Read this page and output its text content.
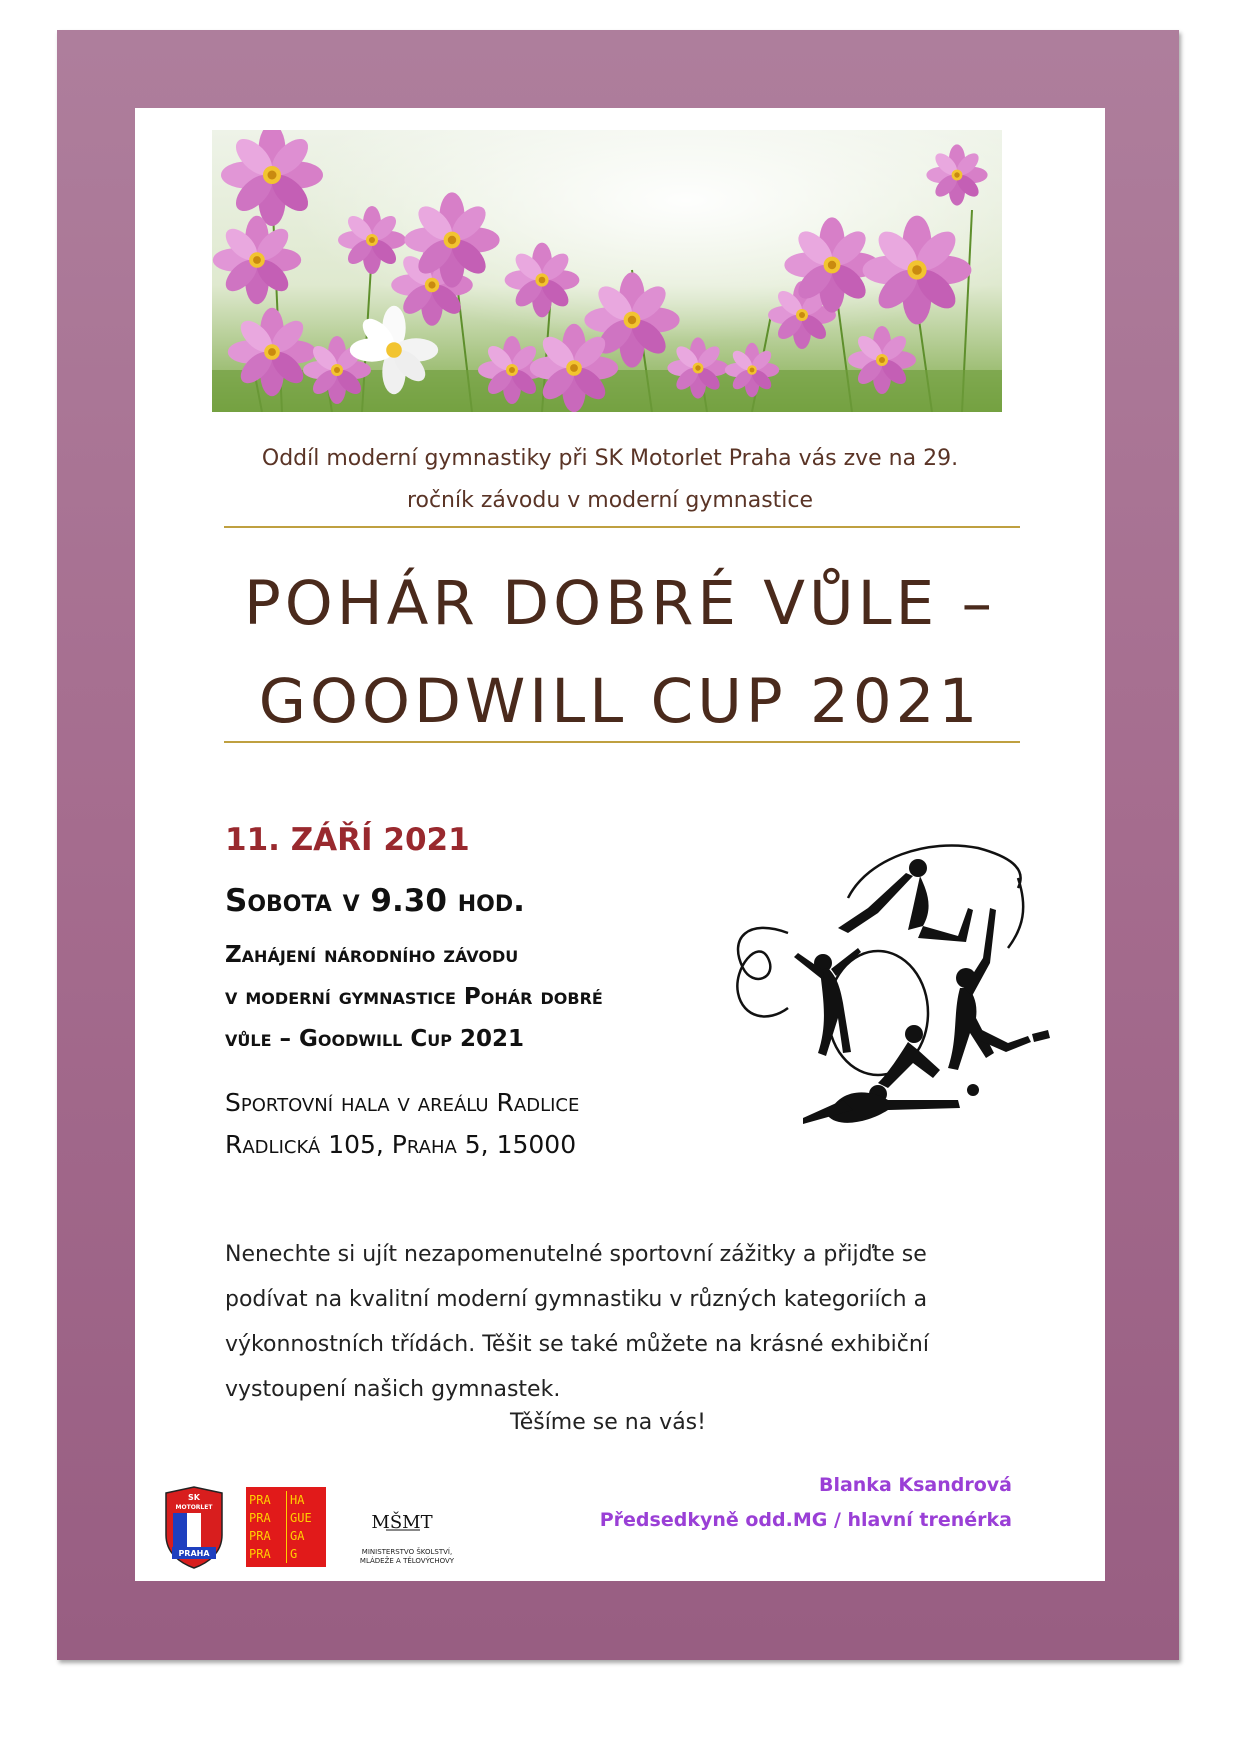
Oddíl moderní gymnastiky při SK Motorlet Praha vás zve na 29.
ročník závodu v moderní gymnastice
POHÁR DOBRÉ VŮLE –
GOODWILL CUP 2021
11. ZÁŘÍ 2021
Sobota v 9.30 hod.
Zahájení národního závodu
v moderní gymnastice Pohár dobré
vůle – Goodwill Cup 2021
Sportovní hala v areálu Radlice
Radlická 105, Praha 5, 15000
Nenechte si ujít nezapomenutelné sportovní zážitky a přijďte se
podívat na kvalitní moderní gymnastiku v různých kategoriích a
výkonnostních třídách. Těšit se také můžete na krásné exhibiční
vystoupení našich gymnastek.
Těšíme se na vás!
Blanka Ksandrová
Předsedkyně odd.MG / hlavní trenérka
SK
MOTORLET
PRAHA
PRA	HA
PRA	GUE
PRA	GA
PRA	G
MŠMT
MINISTERSTVO ŠKOLSTVÍ, MLÁDEŽE A TĚLOVÝCHOVY
